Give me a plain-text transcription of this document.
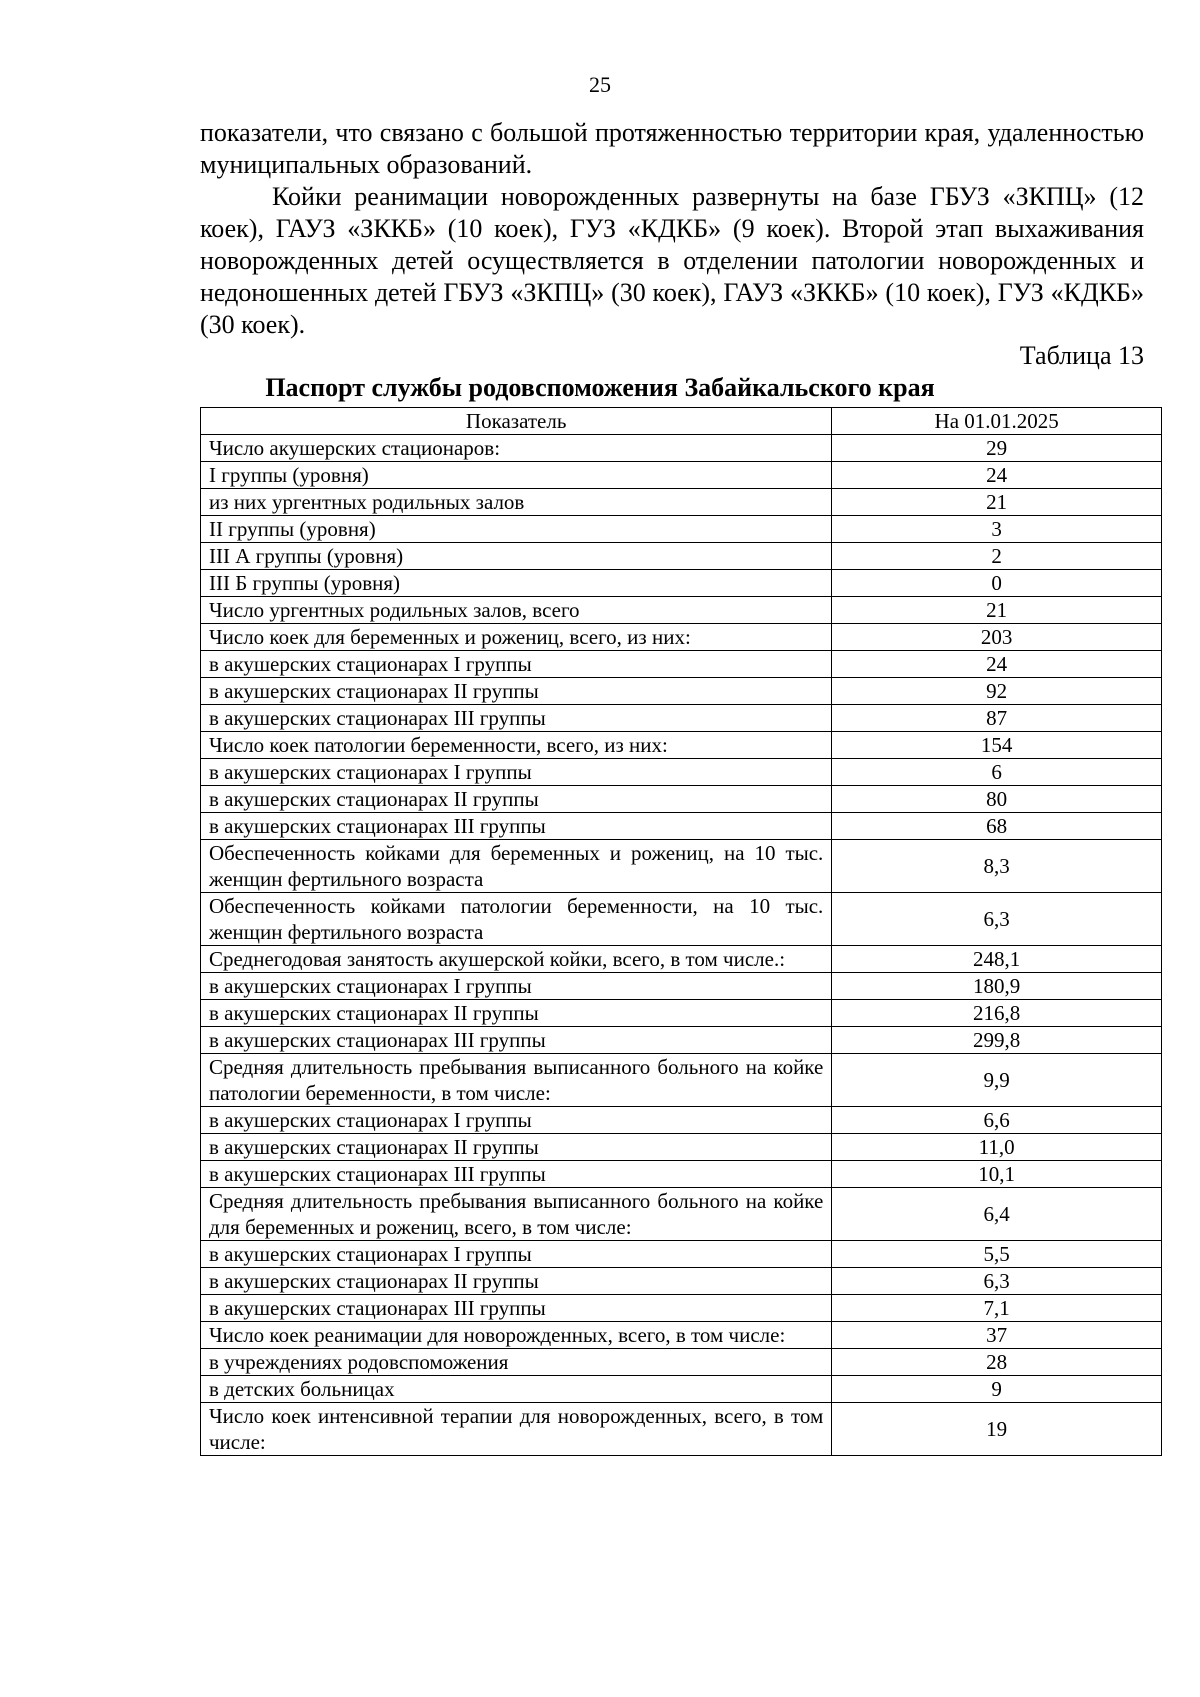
25

показатели, что связано с большой протяженностью территории края, удаленностью муниципальных образований.

Койки реанимации новорожденных развернуты на базе ГБУЗ «ЗКПЦ» (12 коек), ГАУЗ «ЗККБ» (10 коек), ГУЗ «КДКБ» (9 коек). Второй этап выхаживания новорожденных детей осуществляется в отделении патологии новорожденных и недоношенных детей ГБУЗ «ЗКПЦ» (30 коек), ГАУЗ «ЗККБ» (10 коек), ГУЗ «КДКБ» (30 коек).

Таблица 13
Паспорт службы родовспоможения Забайкальского края
Показатель	На 01.01.2025
Число акушерских стационаров:	29
I группы (уровня)	24
из них ургентных родильных залов	21
II группы (уровня)	3
III А группы (уровня)	2
III Б группы (уровня)	0
Число ургентных родильных залов, всего	21
Число коек для беременных и рожениц, всего, из них:	203
в акушерских стационарах I группы	24
в акушерских стационарах II группы	92
в акушерских стационарах III группы	87
Число коек патологии беременности, всего, из них:	154
в акушерских стационарах I группы	6
в акушерских стационарах II группы	80
в акушерских стационарах III группы	68
Обеспеченность койками для беременных и рожениц, на 10 тыс. женщин фертильного возраста	8,3
Обеспеченность койками патологии беременности, на 10 тыс. женщин фертильного возраста	6,3
Среднегодовая занятость акушерской койки, всего, в том числе.:	248,1
в акушерских стационарах I группы	180,9
в акушерских стационарах II группы	216,8
в акушерских стационарах III группы	299,8
Средняя длительность пребывания выписанного больного на койке патологии беременности, в том числе:	9,9
в акушерских стационарах I группы	6,6
в акушерских стационарах II группы	11,0
в акушерских стационарах III группы	10,1
Средняя длительность пребывания выписанного больного на койке для беременных и рожениц, всего, в том числе:	6,4
в акушерских стационарах I группы	5,5
в акушерских стационарах II группы	6,3
в акушерских стационарах III группы	7,1
Число коек реанимации для новорожденных, всего, в том числе:	37
в учреждениях родовспоможения	28
в детских больницах	9
Число коек интенсивной терапии для новорожденных, всего, в том числе:	19
